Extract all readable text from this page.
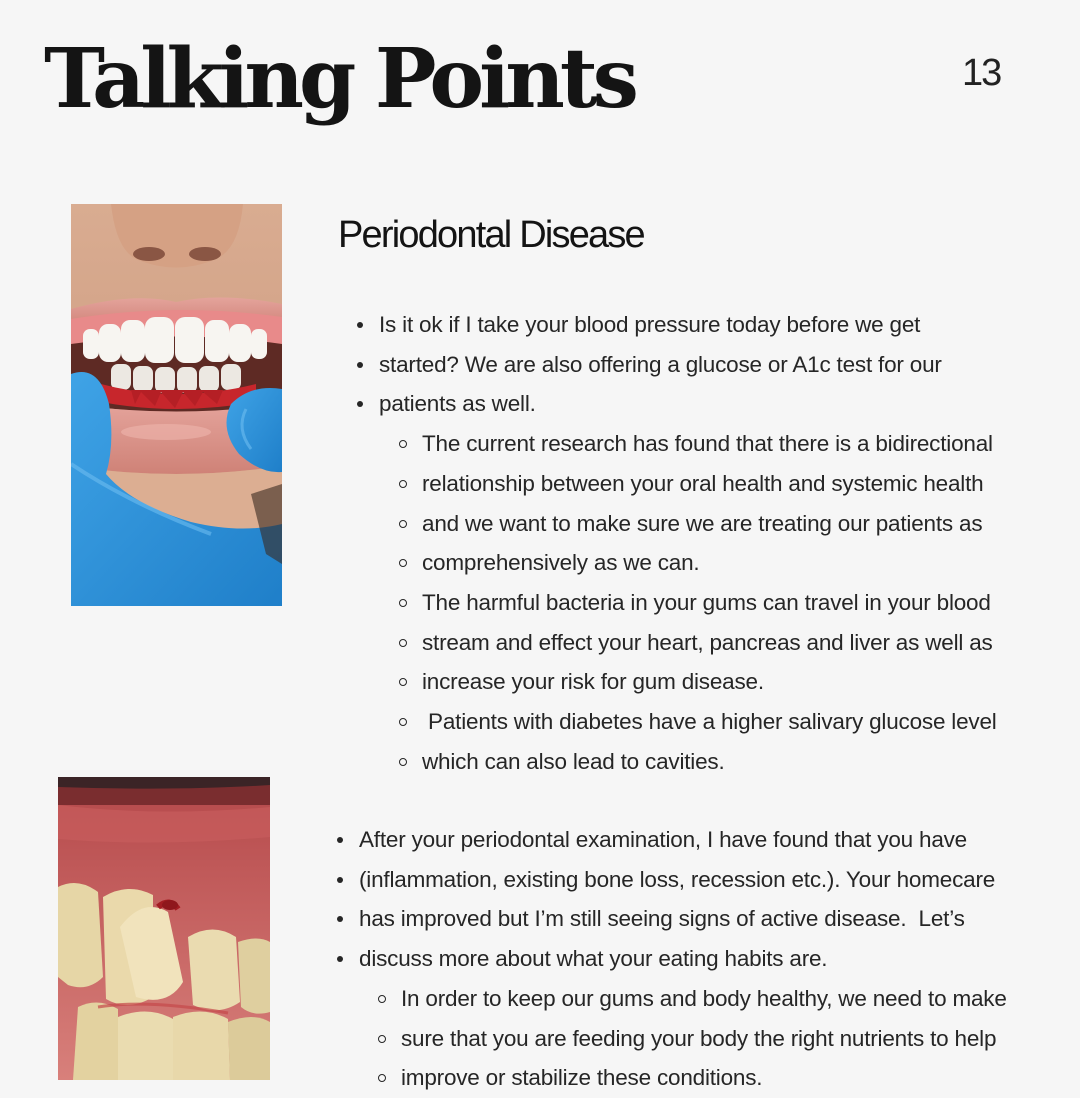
Talking Points	13
Periodontal Disease
Is it ok if I take your blood pressure today before we get
started? We are also offering a glucose or A1c test for our
patients as well.
The current research has found that there is a bidirectional
relationship between your oral health and systemic health
and we want to make sure we are treating our patients as
comprehensively as we can.
The harmful bacteria in your gums can travel in your blood
stream and effect your heart, pancreas and liver as well as
increase your risk for gum disease.
Patients with diabetes have a higher salivary glucose level
which can also lead to cavities.
After your periodontal examination, I have found that you have
(inflammation, existing bone loss, recession etc.). Your homecare
has improved but I’m still seeing signs of active disease.  Let’s
discuss more about what your eating habits are.
In order to keep our gums and body healthy, we need to make
sure that you are feeding your body the right nutrients to help
improve or stabilize these conditions.
